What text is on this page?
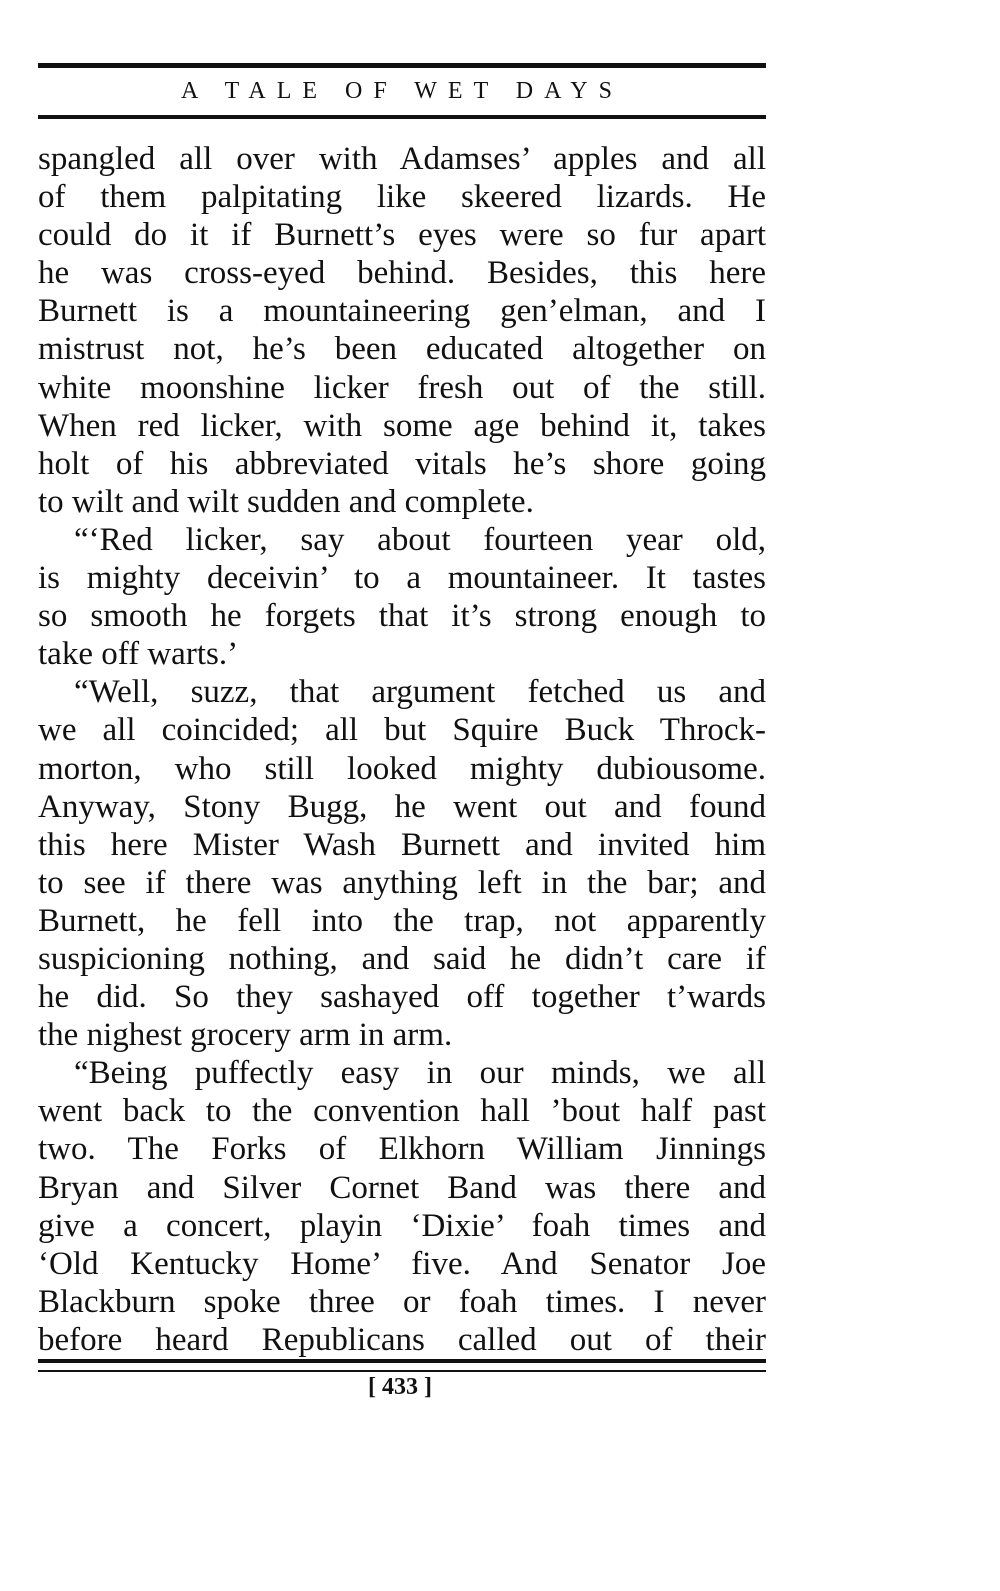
A TALE OF WET DAYS
spangled all over with Adamses’ apples and all
of them palpitating like skeered lizards. He
could do it if Burnett’s eyes were so fur apart
he was cross-eyed behind. Besides, this here
Burnett is a mountaineering gen’elman, and I
mistrust not, he’s been educated altogether on
white moonshine licker fresh out of the still.
When red licker, with some age behind it, takes
holt of his abbreviated vitals he’s shore going
to wilt and wilt sudden and complete.
“‘Red licker, say about fourteen year old,
is mighty deceivin’ to a mountaineer. It tastes
so smooth he forgets that it’s strong enough to
take off warts.’
“Well, suzz, that argument fetched us and
we all coincided; all but Squire Buck Throck-
morton, who still looked mighty dubiousome.
Anyway, Stony Bugg, he went out and found
this here Mister Wash Burnett and invited him
to see if there was anything left in the bar; and
Burnett, he fell into the trap, not apparently
suspicioning nothing, and said he didn’t care if
he did. So they sashayed off together t’wards
the nighest grocery arm in arm.
“Being puffectly easy in our minds, we all
went back to the convention hall ’bout half past
two. The Forks of Elkhorn William Jinnings
Bryan and Silver Cornet Band was there and
give a concert, playin ‘Dixie’ foah times and
‘Old Kentucky Home’ five. And Senator Joe
Blackburn spoke three or foah times. I never
before heard Republicans called out of their
[ 433 ]
